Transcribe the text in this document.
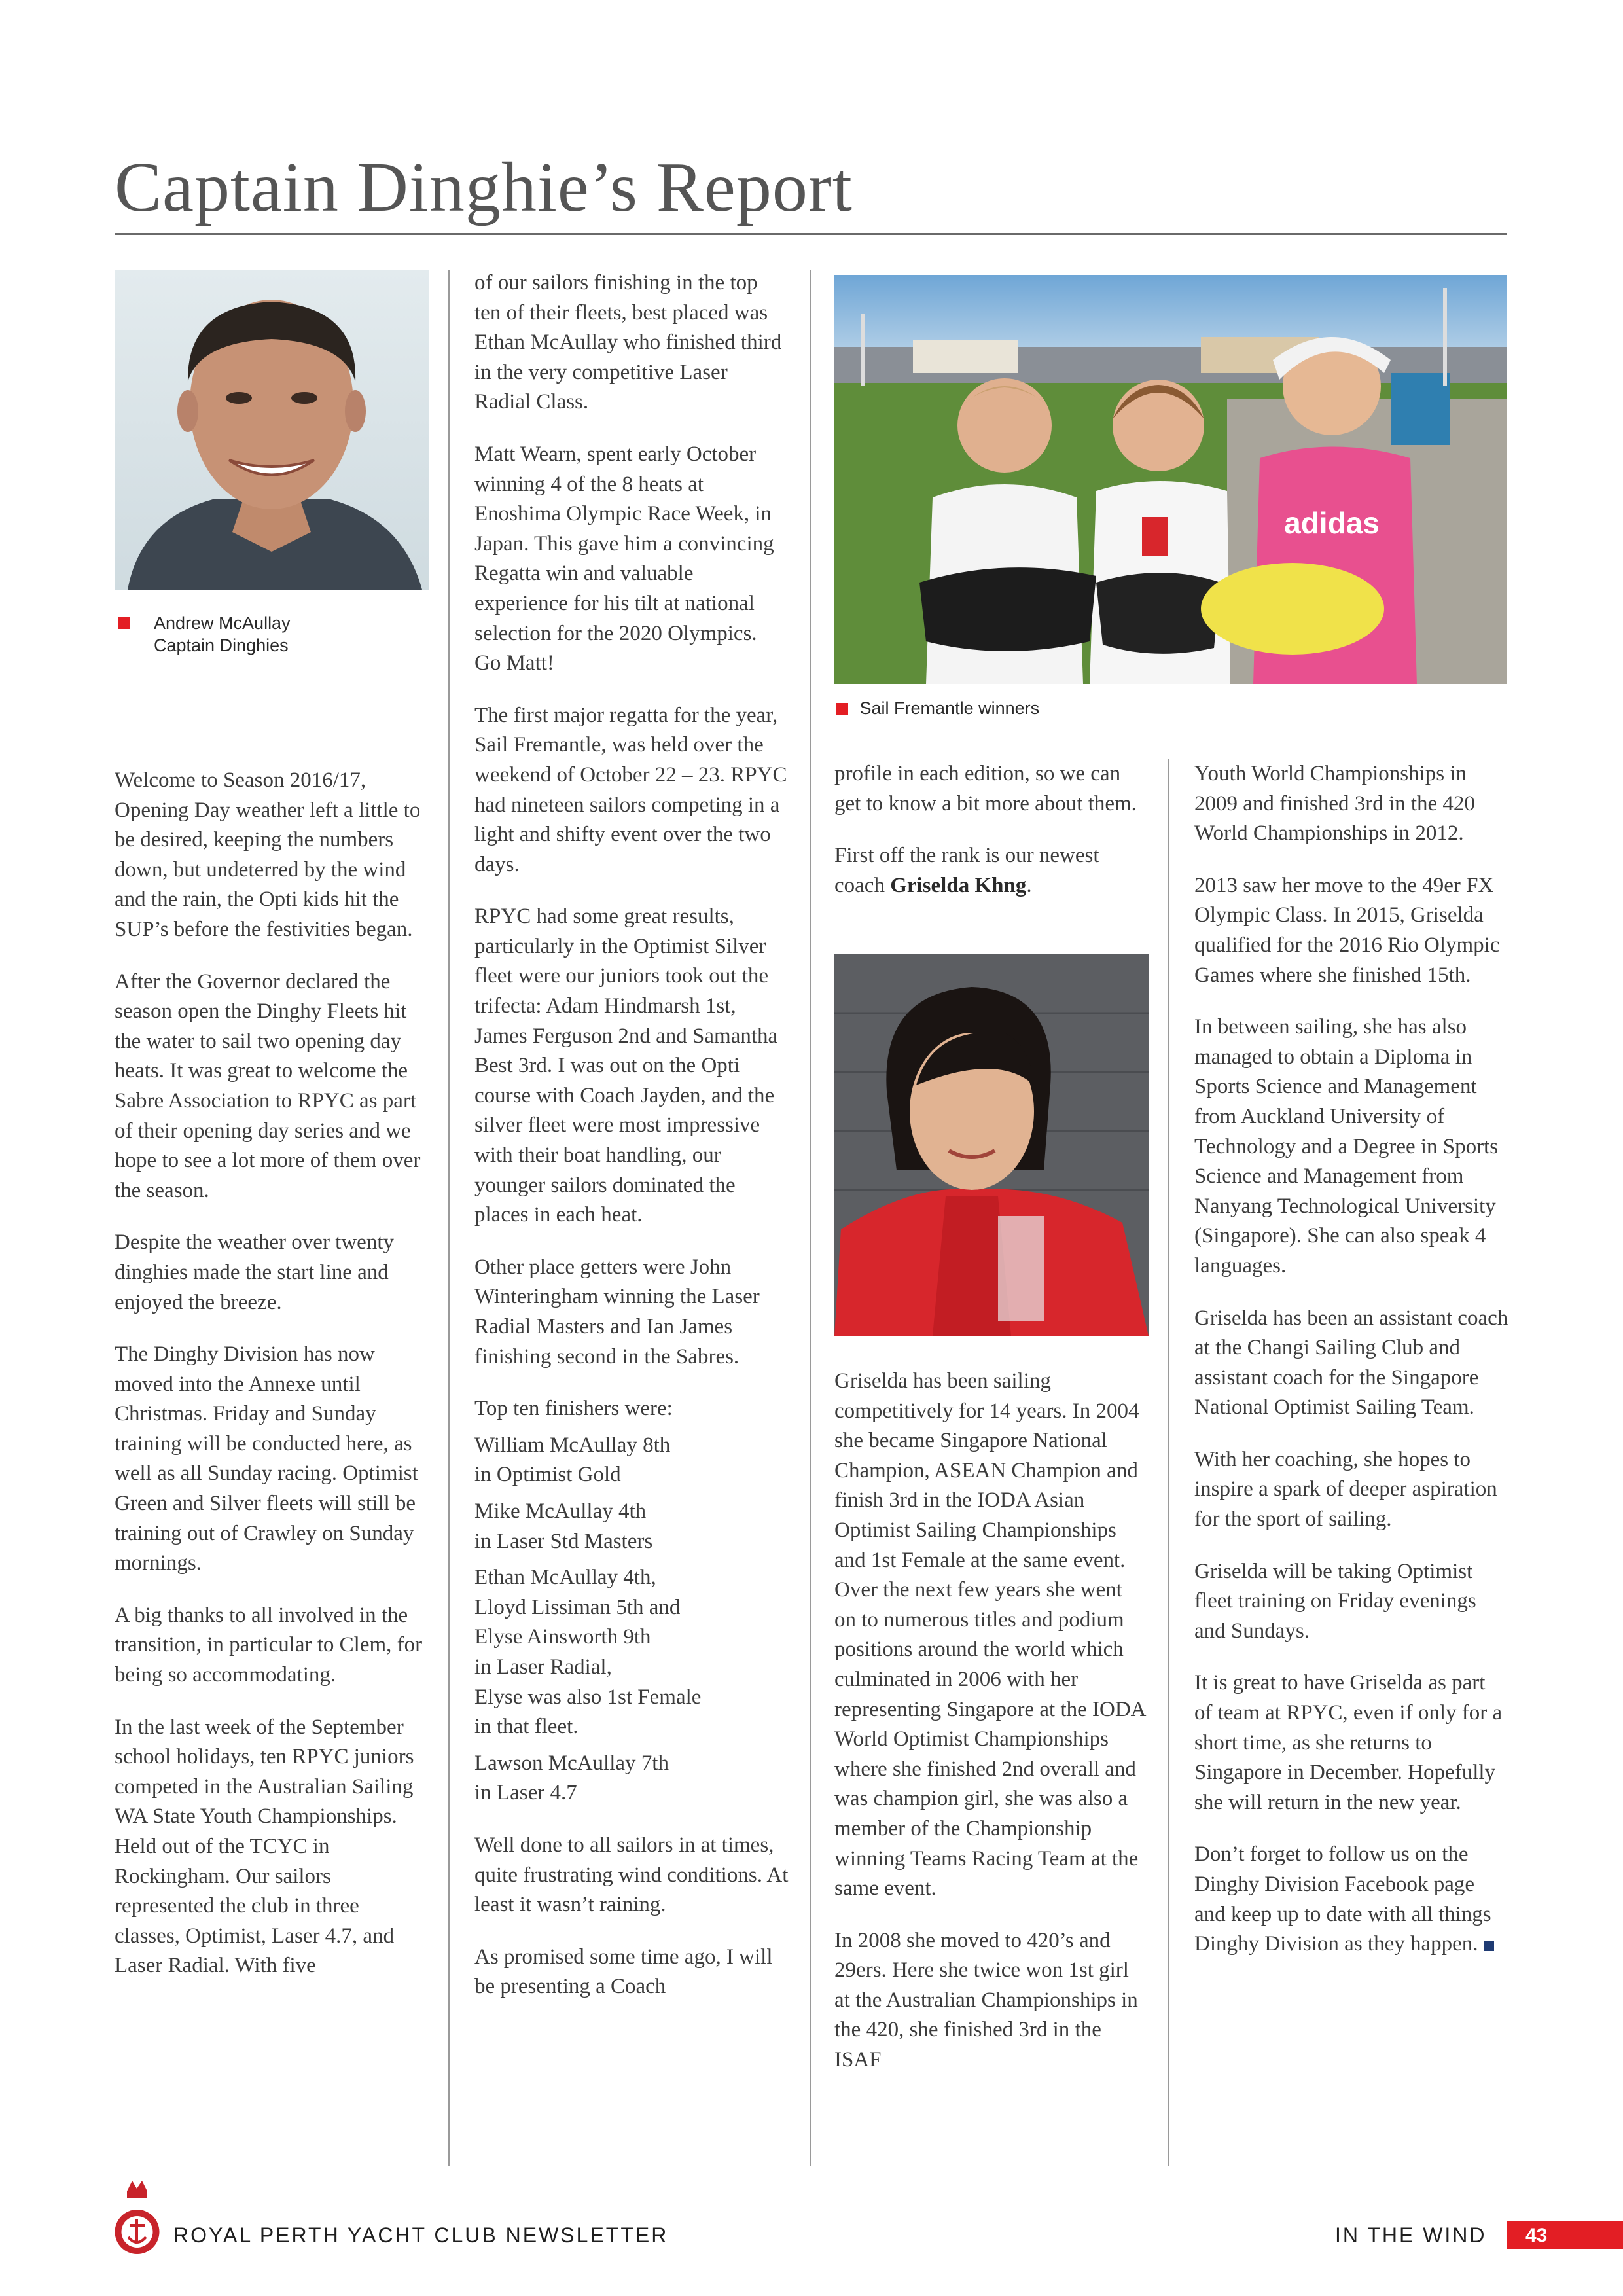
Captain Dinghie’s Report
Andrew McAullay
Captain Dinghies

Welcome to Season 2016/17, Opening Day weather left a little to be desired, keeping the numbers down, but undeterred by the wind and the rain, the Opti kids hit the SUP’s before the festivities began.

After the Governor declared the season open the Dinghy Fleets hit the water to sail two opening day heats. It was great to welcome the Sabre Association to RPYC as part of their opening day series and we hope to see a lot more of them over the season.

Despite the weather over twenty dinghies made the start line and enjoyed the breeze.

The Dinghy Division has now moved into the Annexe until Christmas. Friday and Sunday training will be conducted here, as well as all Sunday racing. Optimist Green and Silver fleets will still be training out of Crawley on Sunday mornings.

A big thanks to all involved in the transition, in particular to Clem, for being so accommodating.

In the last week of the September school holidays, ten RPYC juniors competed in the Australian Sailing WA State Youth Championships. Held out of the TCYC in Rockingham. Our sailors represented the club in three classes, Optimist, Laser 4.7, and Laser Radial. With five

of our sailors finishing in the top ten of their fleets, best placed was Ethan McAullay who finished third in the very competitive Laser Radial Class.

Matt Wearn, spent early October winning 4 of the 8 heats at Enoshima Olympic Race Week, in Japan. This gave him a convincing Regatta win and valuable experience for his tilt at national selection for the 2020 Olympics. Go Matt!

The first major regatta for the year, Sail Fremantle, was held over the weekend of October 22 – 23. RPYC had nineteen sailors competing in a light and shifty event over the two days.

RPYC had some great results, particularly in the Optimist Silver fleet were our juniors took out the trifecta: Adam Hindmarsh 1st, James Ferguson 2nd and Samantha Best 3rd. I was out on the Opti course with Coach Jayden, and the silver fleet were most impressive with their boat handling, our younger sailors dominated the places in each heat.

Other place getters were John Winteringham winning the Laser Radial Masters and Ian James finishing second in the Sabres.

Top ten finishers were:

William McAullay 8th
in Optimist Gold

Mike McAullay 4th
in Laser Std Masters

Ethan McAullay 4th,
Lloyd Lissiman 5th and
Elyse Ainsworth 9th
in Laser Radial,
Elyse was also 1st Female
in that fleet.

Lawson McAullay 7th
in Laser 4.7

Well done to all sailors in at times, quite frustrating wind conditions. At least it wasn’t raining.

As promised some time ago, I will be presenting a Coach

adidas
Sail Fremantle winners

profile in each edition, so we can get to know a bit more about them.

First off the rank is our newest coach Griselda Khng.

Griselda has been sailing competitively for 14 years. In 2004 she became Singapore National Champion, ASEAN Champion and finish 3rd in the IODA Asian Optimist Sailing Championships and 1st Female at the same event. Over the next few years she went on to numerous titles and podium positions around the world which culminated in 2006 with her representing Singapore at the IODA World Optimist Championships where she finished 2nd overall and was champion girl, she was also a member of the Championship winning Teams Racing Team at the same event.

In 2008 she moved to 420’s and 29ers. Here she twice won 1st girl at the Australian Championships in the 420, she finished 3rd in the ISAF

Youth World Championships in 2009 and finished 3rd in the 420 World Championships in 2012.

2013 saw her move to the 49er FX Olympic Class. In 2015, Griselda qualified for the 2016 Rio Olympic Games where she finished 15th.

In between sailing, she has also managed to obtain a Diploma in Sports Science and Management from Auckland University of Technology and a Degree in Sports Science and Management from Nanyang Technological University (Singapore). She can also speak 4 languages.

Griselda has been an assistant coach at the Changi Sailing Club and assistant coach for the Singapore National Optimist Sailing Team.

With her coaching, she hopes to inspire a spark of deeper aspiration for the sport of sailing.

Griselda will be taking Optimist fleet training on Friday evenings and Sundays.

It is great to have Griselda as part of team at RPYC, even if only for a short time, as she returns to Singapore in December. Hopefully she will return in the new year.

Don’t forget to follow us on the Dinghy Division Facebook page and keep up to date with all things Dinghy Division as they happen.

ROYAL PERTH YACHT CLUB NEWSLETTER	IN THE WIND 43
